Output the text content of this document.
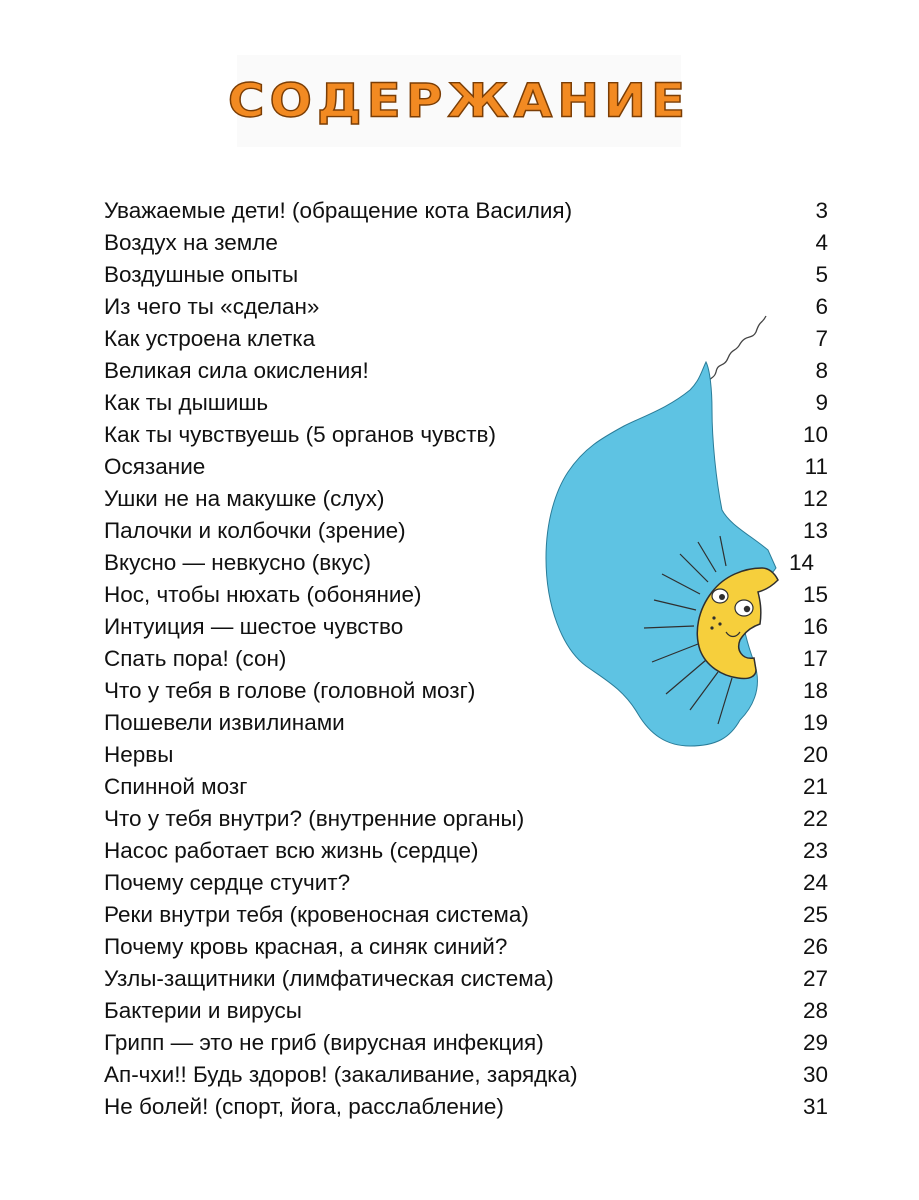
СОДЕРЖАНИЕ
Уважаемые дети! (обращение кота Василия)	3
Воздух на земле	4
Воздушные опыты	5
Из чего ты «сделан»	6
Как устроена клетка	7
Великая сила окисления!	8
Как ты дышишь	9
Как ты чувствуешь (5 органов чувств)	10
Осязание	11
Ушки не на макушке (слух)	12
Палочки и колбочки (зрение)	13
Вкусно — невкусно (вкус)	14
Нос, чтобы нюхать (обоняние)	15
Интуиция — шестое чувство	16
Спать пора! (сон)	17
Что у тебя в голове (головной мозг)	18
Пошевели извилинами	19
Нервы	20
Спинной мозг	21
Что у тебя внутри? (внутренние органы)	22
Насос работает всю жизнь (сердце)	23
Почему сердце стучит?	24
Реки внутри тебя (кровеносная система)	25
Почему кровь красная, а синяк синий?	26
Узлы-защитники (лимфатическая система)	27
Бактерии и вирусы	28
Грипп — это не гриб (вирусная инфекция)	29
Ап-чхи!! Будь здоров! (закаливание, зарядка)	30
Не болей! (спорт, йога, расслабление)	31
